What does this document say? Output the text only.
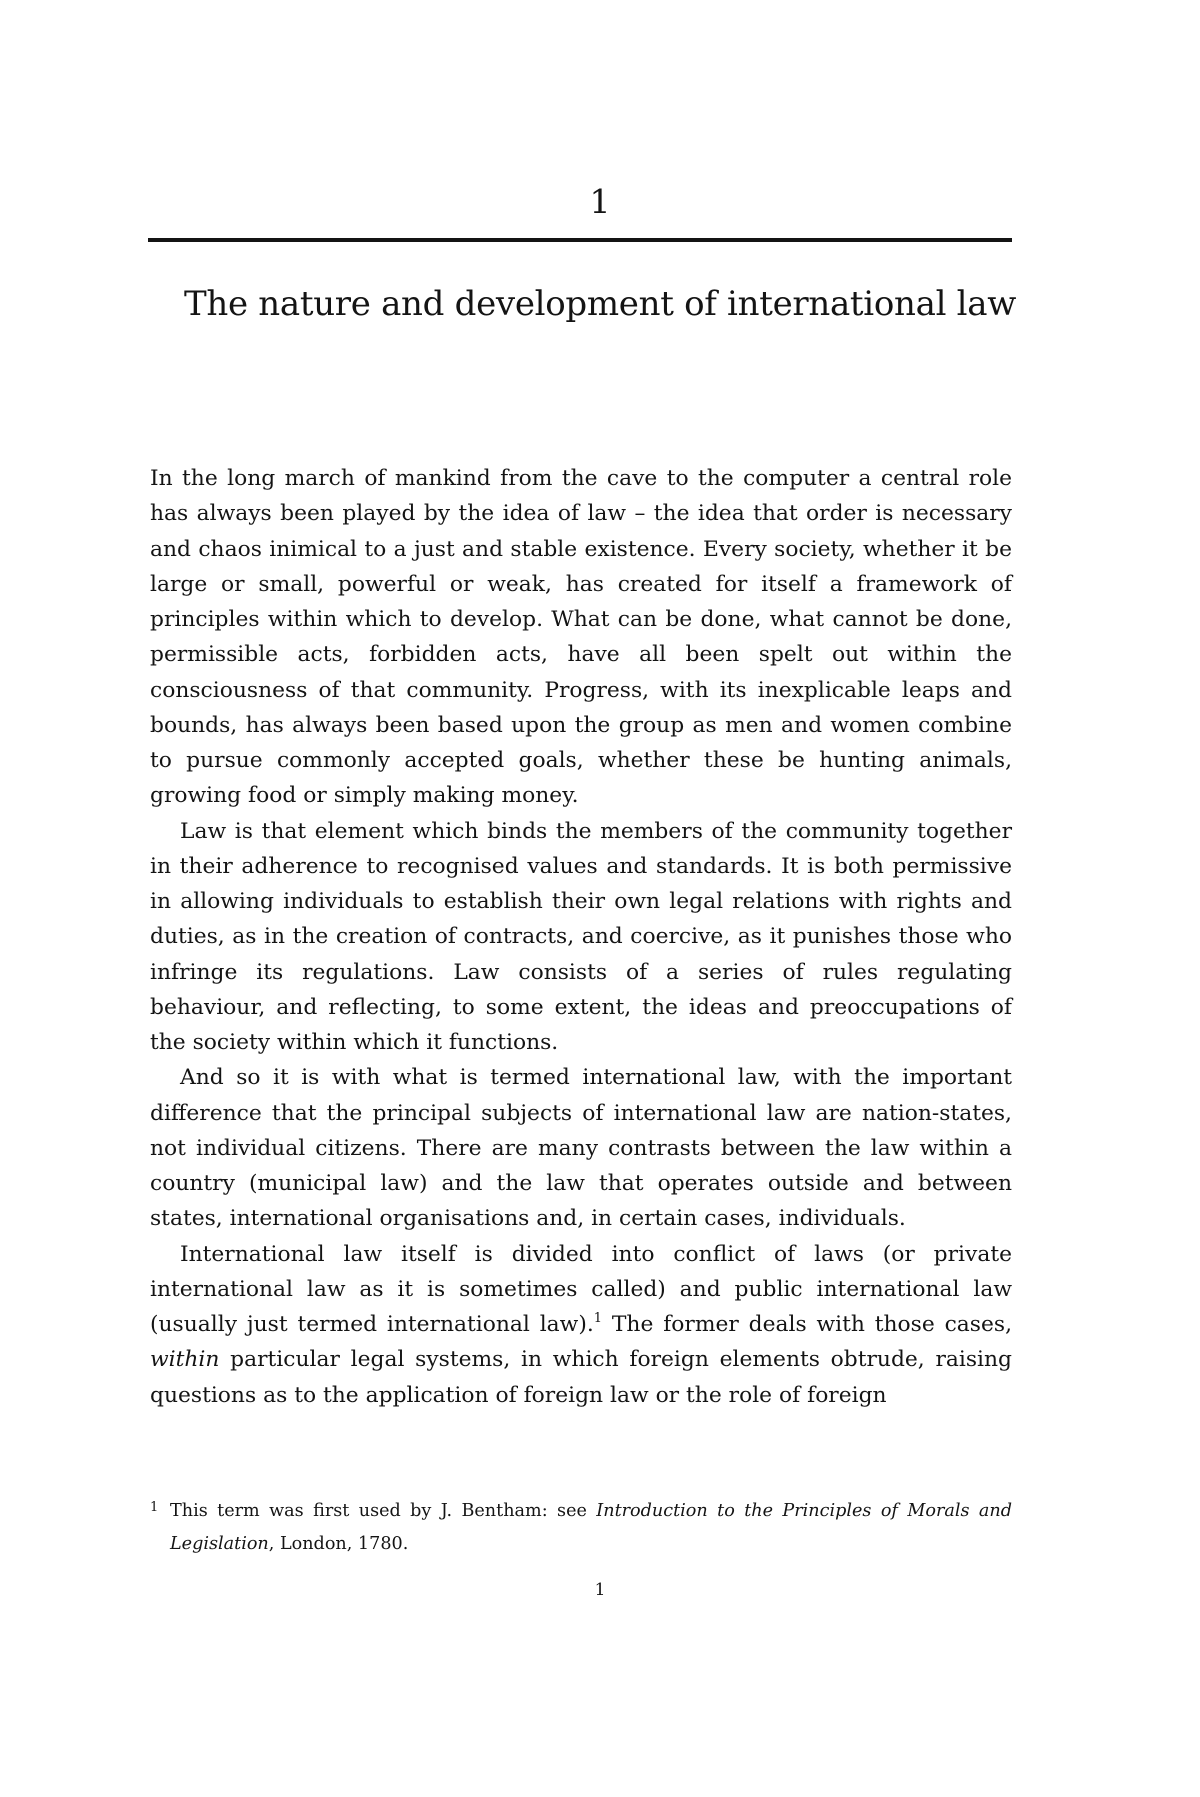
1
The nature and development of international law

In the long march of mankind from the cave to the computer a central role has always been played by the idea of law – the idea that order is necessary and chaos inimical to a just and stable existence. Every society, whether it be large or small, powerful or weak, has created for itself a framework of principles within which to develop. What can be done, what cannot be done, permissible acts, forbidden acts, have all been spelt out within the consciousness of that community. Progress, with its inexplicable leaps and bounds, has always been based upon the group as men and women combine to pursue commonly accepted goals, whether these be hunting animals, growing food or simply making money.

Law is that element which binds the members of the community together in their adherence to recognised values and standards. It is both permissive in allowing individuals to establish their own legal relations with rights and duties, as in the creation of contracts, and coercive, as it punishes those who infringe its regulations. Law consists of a series of rules regulating behaviour, and reflecting, to some extent, the ideas and preoccupations of the society within which it functions.

And so it is with what is termed international law, with the important difference that the principal subjects of international law are nation-states, not individual citizens. There are many contrasts between the law within a country (municipal law) and the law that operates outside and between states, international organisations and, in certain cases, individuals.

International law itself is divided into conflict of laws (or private international law as it is sometimes called) and public international law (usually just termed international law).$^1$ The former deals with those cases, within particular legal systems, in which foreign elements obtrude, raising questions as to the application of foreign law or the role of foreign

1 This term was first used by J. Bentham: see Introduction to the Principles of Morals and
Legislation, London, 1780.
1
